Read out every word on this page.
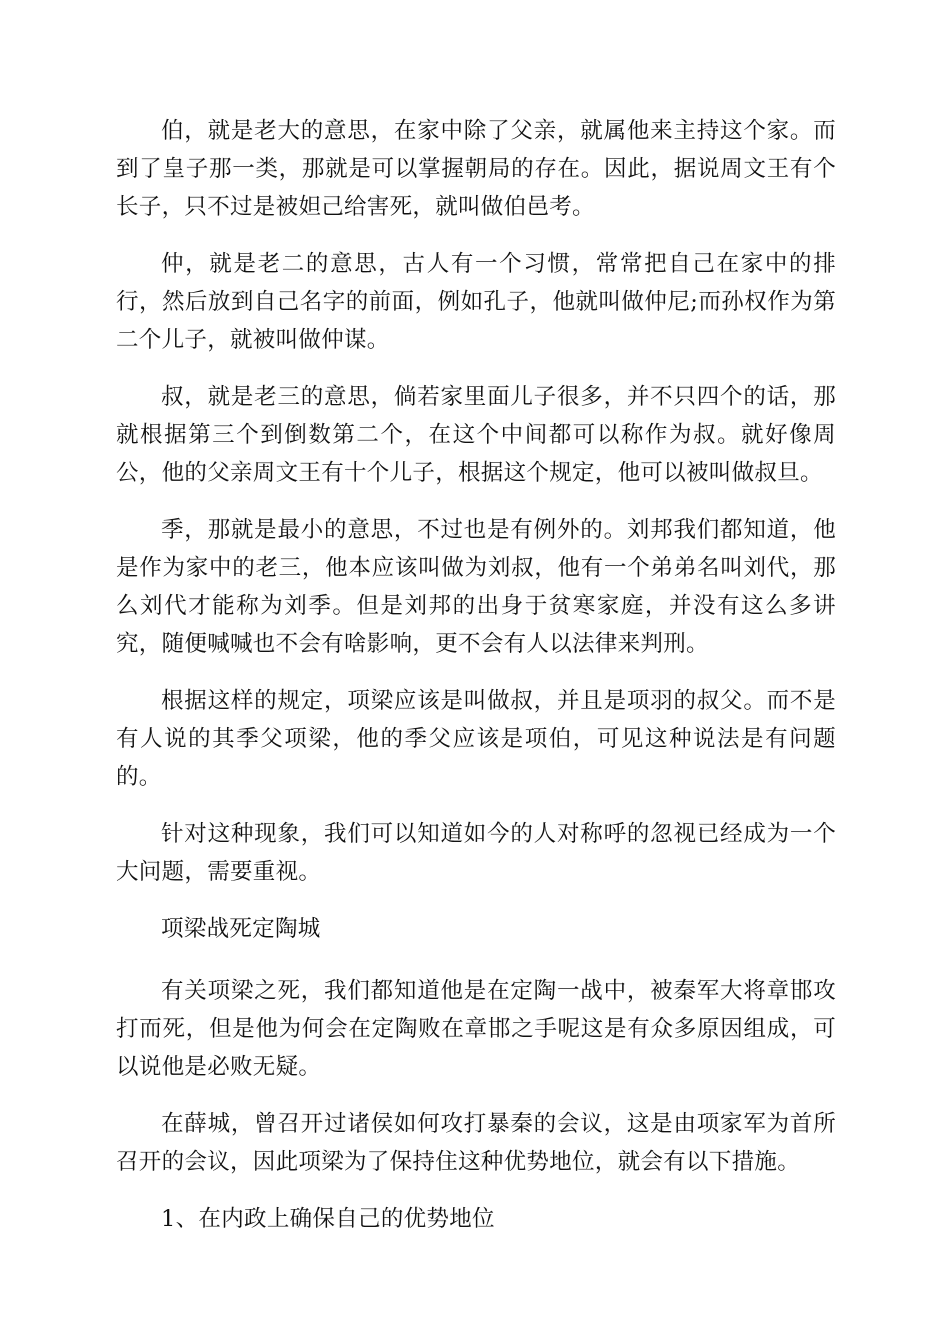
伯，就是老大的意思，在家中除了父亲，就属他来主持这个家。而到了皇子那一类，那就是可以掌握朝局的存在。因此，据说周文王有个长子，只不过是被妲己给害死，就叫做伯邑考。

仲，就是老二的意思，古人有一个习惯，常常把自己在家中的排行，然后放到自己名字的前面，例如孔子，他就叫做仲尼;而孙权作为第二个儿子，就被叫做仲谋。

叔，就是老三的意思，倘若家里面儿子很多，并不只四个的话，那就根据第三个到倒数第二个，在这个中间都可以称作为叔。就好像周公，他的父亲周文王有十个儿子，根据这个规定，他可以被叫做叔旦。

季，那就是最小的意思，不过也是有例外的。刘邦我们都知道，他是作为家中的老三，他本应该叫做为刘叔，他有一个弟弟名叫刘代，那么刘代才能称为刘季。但是刘邦的出身于贫寒家庭，并没有这么多讲究，随便喊喊也不会有啥影响，更不会有人以法律来判刑。

根据这样的规定，项梁应该是叫做叔，并且是项羽的叔父。而不是有人说的其季父项梁，他的季父应该是项伯，可见这种说法是有问题的。

针对这种现象，我们可以知道如今的人对称呼的忽视已经成为一个大问题，需要重视。

项梁战死定陶城

有关项梁之死，我们都知道他是在定陶一战中，被秦军大将章邯攻打而死，但是他为何会在定陶败在章邯之手呢这是有众多原因组成，可以说他是必败无疑。

在薛城，曾召开过诸侯如何攻打暴秦的会议，这是由项家军为首所召开的会议，因此项梁为了保持住这种优势地位，就会有以下措施。

1、在内政上确保自己的优势地位
